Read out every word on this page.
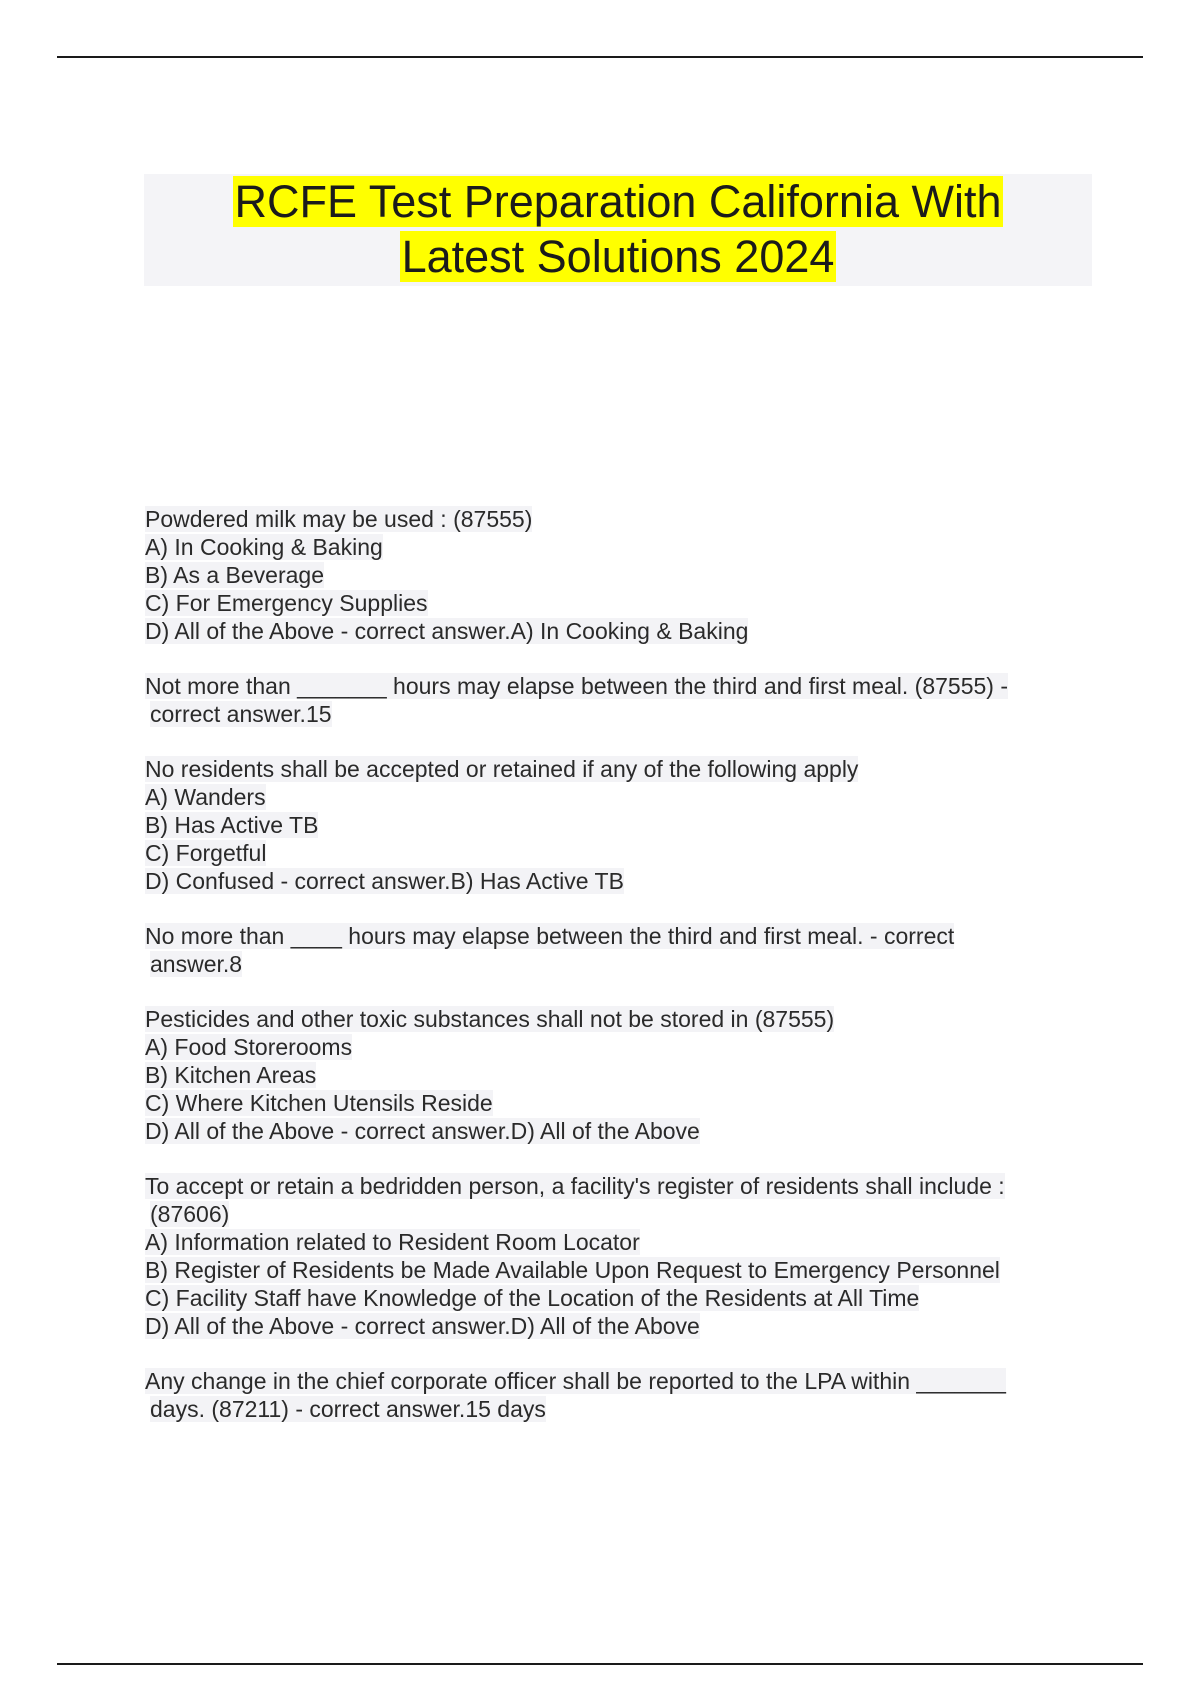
RCFE Test Preparation California With
Latest Solutions 2024
Powdered milk may be used : (87555)
A) In Cooking & Baking
B) As a Beverage
C) For Emergency Supplies
D) All of the Above - correct answer.A) In Cooking & Baking
Not more than _______ hours may elapse between the third and first meal. (87555) -
correct answer.15
No residents shall be accepted or retained if any of the following apply
A) Wanders
B) Has Active TB
C) Forgetful
D) Confused - correct answer.B) Has Active TB
No more than ____ hours may elapse between the third and first meal. - correct
answer.8
Pesticides and other toxic substances shall not be stored in (87555)
A) Food Storerooms
B) Kitchen Areas
C) Where Kitchen Utensils Reside
D) All of the Above - correct answer.D) All of the Above
To accept or retain a bedridden person, a facility's register of residents shall include :
(87606)
A) Information related to Resident Room Locator
B) Register of Residents be Made Available Upon Request to Emergency Personnel
C) Facility Staff have Knowledge of the Location of the Residents at All Time
D) All of the Above - correct answer.D) All of the Above
Any change in the chief corporate officer shall be reported to the LPA within _______
days. (87211) - correct answer.15 days
